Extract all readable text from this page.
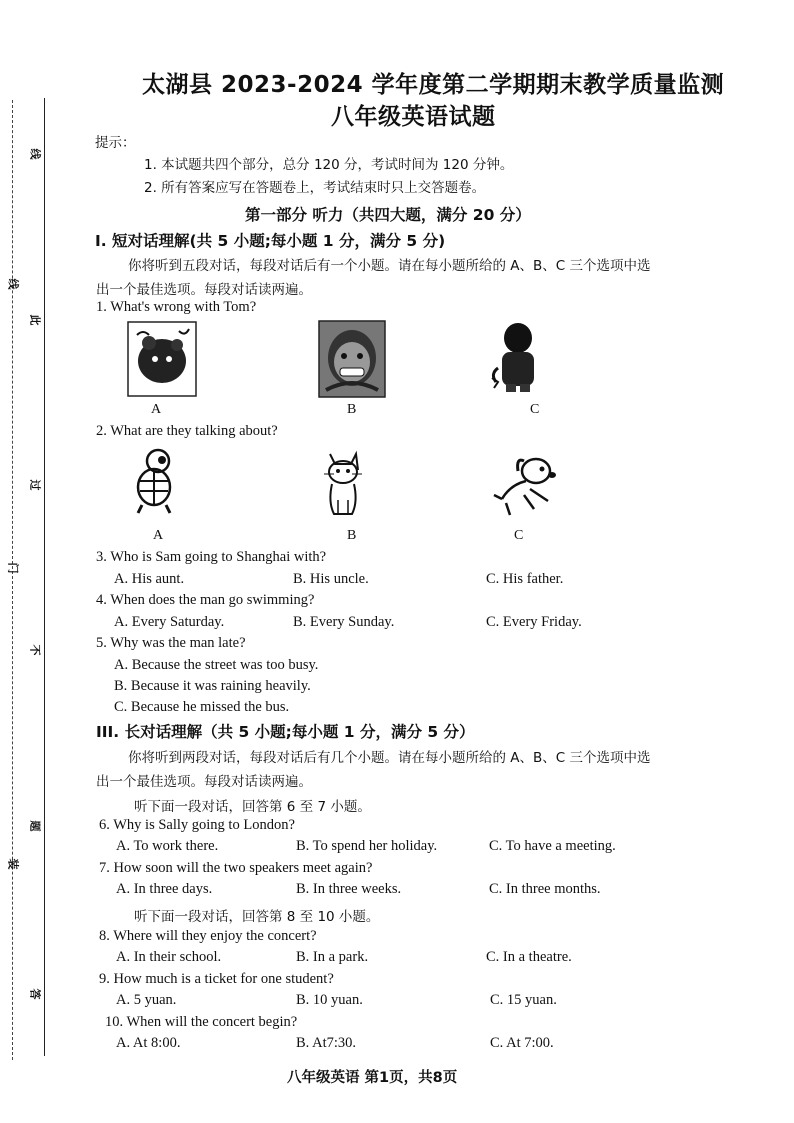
线
线
此
过
门
不
题
答
装
太湖县 2023-2024 学年度第二学期期末教学质量监测
八年级英语试题
提示：
1. 本试题共四个部分，总分 120 分，考试时间为 120 分钟。
2. 所有答案应写在答题卷上，考试结束时只上交答题卷。
第一部分 听力（共四大题，满分 20 分）
I. 短对话理解(共 5 小题;每小题 1 分，满分 5 分)
你将听到五段对话，每段对话后有一个小题。请在每小题所给的 A、B、C 三个选项中选
出一个最佳选项。每段对话读两遍。
1. What's wrong with Tom?
A	B	C
2. What are they talking about?
A	B	C
3. Who is Sam going to Shanghai with?
A. His aunt.	B. His uncle.	C. His father.
4. When does the man go swimming?
A. Every Saturday.	B. Every Sunday.	C. Every Friday.
5. Why was the man late?
A. Because the street was too busy.
B. Because it was raining heavily.
C. Because he missed the bus.
III. 长对话理解（共 5 小题;每小题 1 分，满分 5 分）
你将听到两段对话，每段对话后有几个小题。请在每小题所给的 A、B、C 三个选项中选
出一个最佳选项。每段对话读两遍。
听下面一段对话，回答第 6 至 7 小题。
6. Why is Sally going to London?
A. To work there.	B. To spend her holiday.	C. To have a meeting.
7. How soon will the two speakers meet again?
A. In three days.	B. In three weeks.	C. In three months.
听下面一段对话，回答第 8 至 10 小题。
8. Where will they enjoy the concert?
A. In their school.	B. In a park.	C. In a theatre.
9. How much is a ticket for one student?
A. 5 yuan.	B. 10 yuan.	C. 15 yuan.
10. When will the concert begin?
A. At 8:00.	B. At7:30.	C. At 7:00.
八年级英语 第1页，共8页
